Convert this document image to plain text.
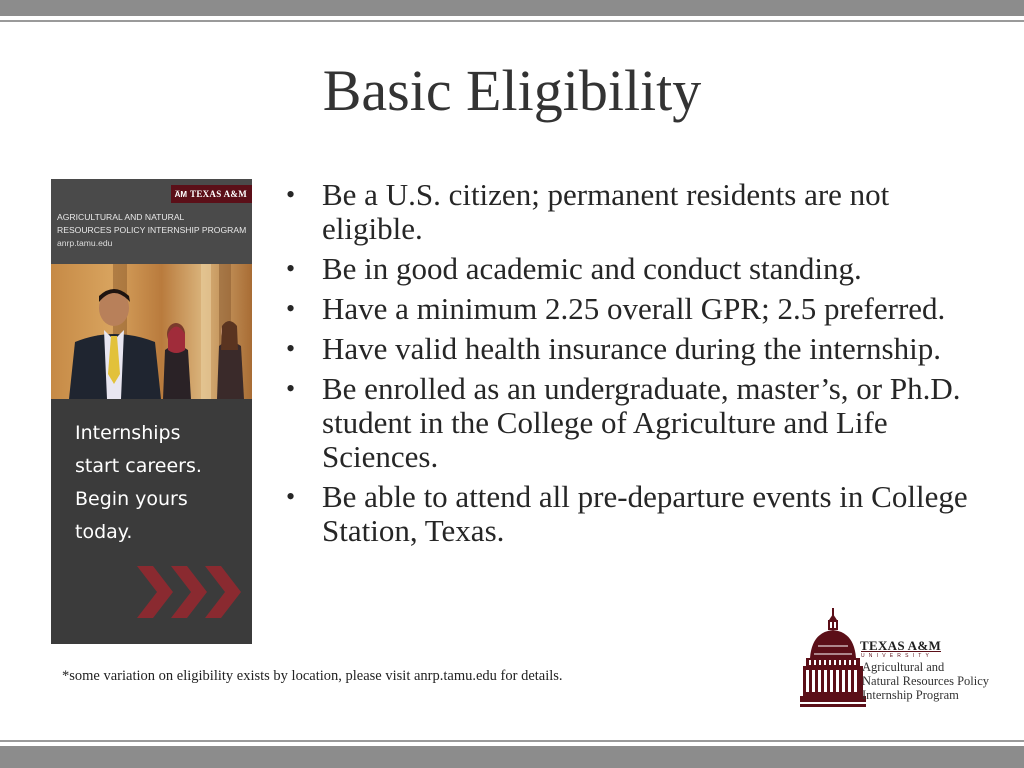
Basic Eligibility
A̅M TEXAS A&M
AGRICULTURAL AND NATURAL
RESOURCES POLICY INTERNSHIP PROGRAM
anrp.tamu.edu
Internships
start careers.
Begin yours
today.
• Be a U.S. citizen; permanent residents are not eligible.
• Be in good academic and conduct standing.
• Have a minimum 2.25 overall GPR; 2.5 preferred.
• Have valid health insurance during the internship.
• Be enrolled as an undergraduate, master’s, or Ph.D. student in the College of Agriculture and Life Sciences.
• Be able to attend all pre-departure events in College Station, Texas.
*some variation on eligibility exists by location, please visit anrp.tamu.edu for details.
TEXAS A&M
UNIVERSITY
Agricultural and
Natural Resources Policy
Internship Program
